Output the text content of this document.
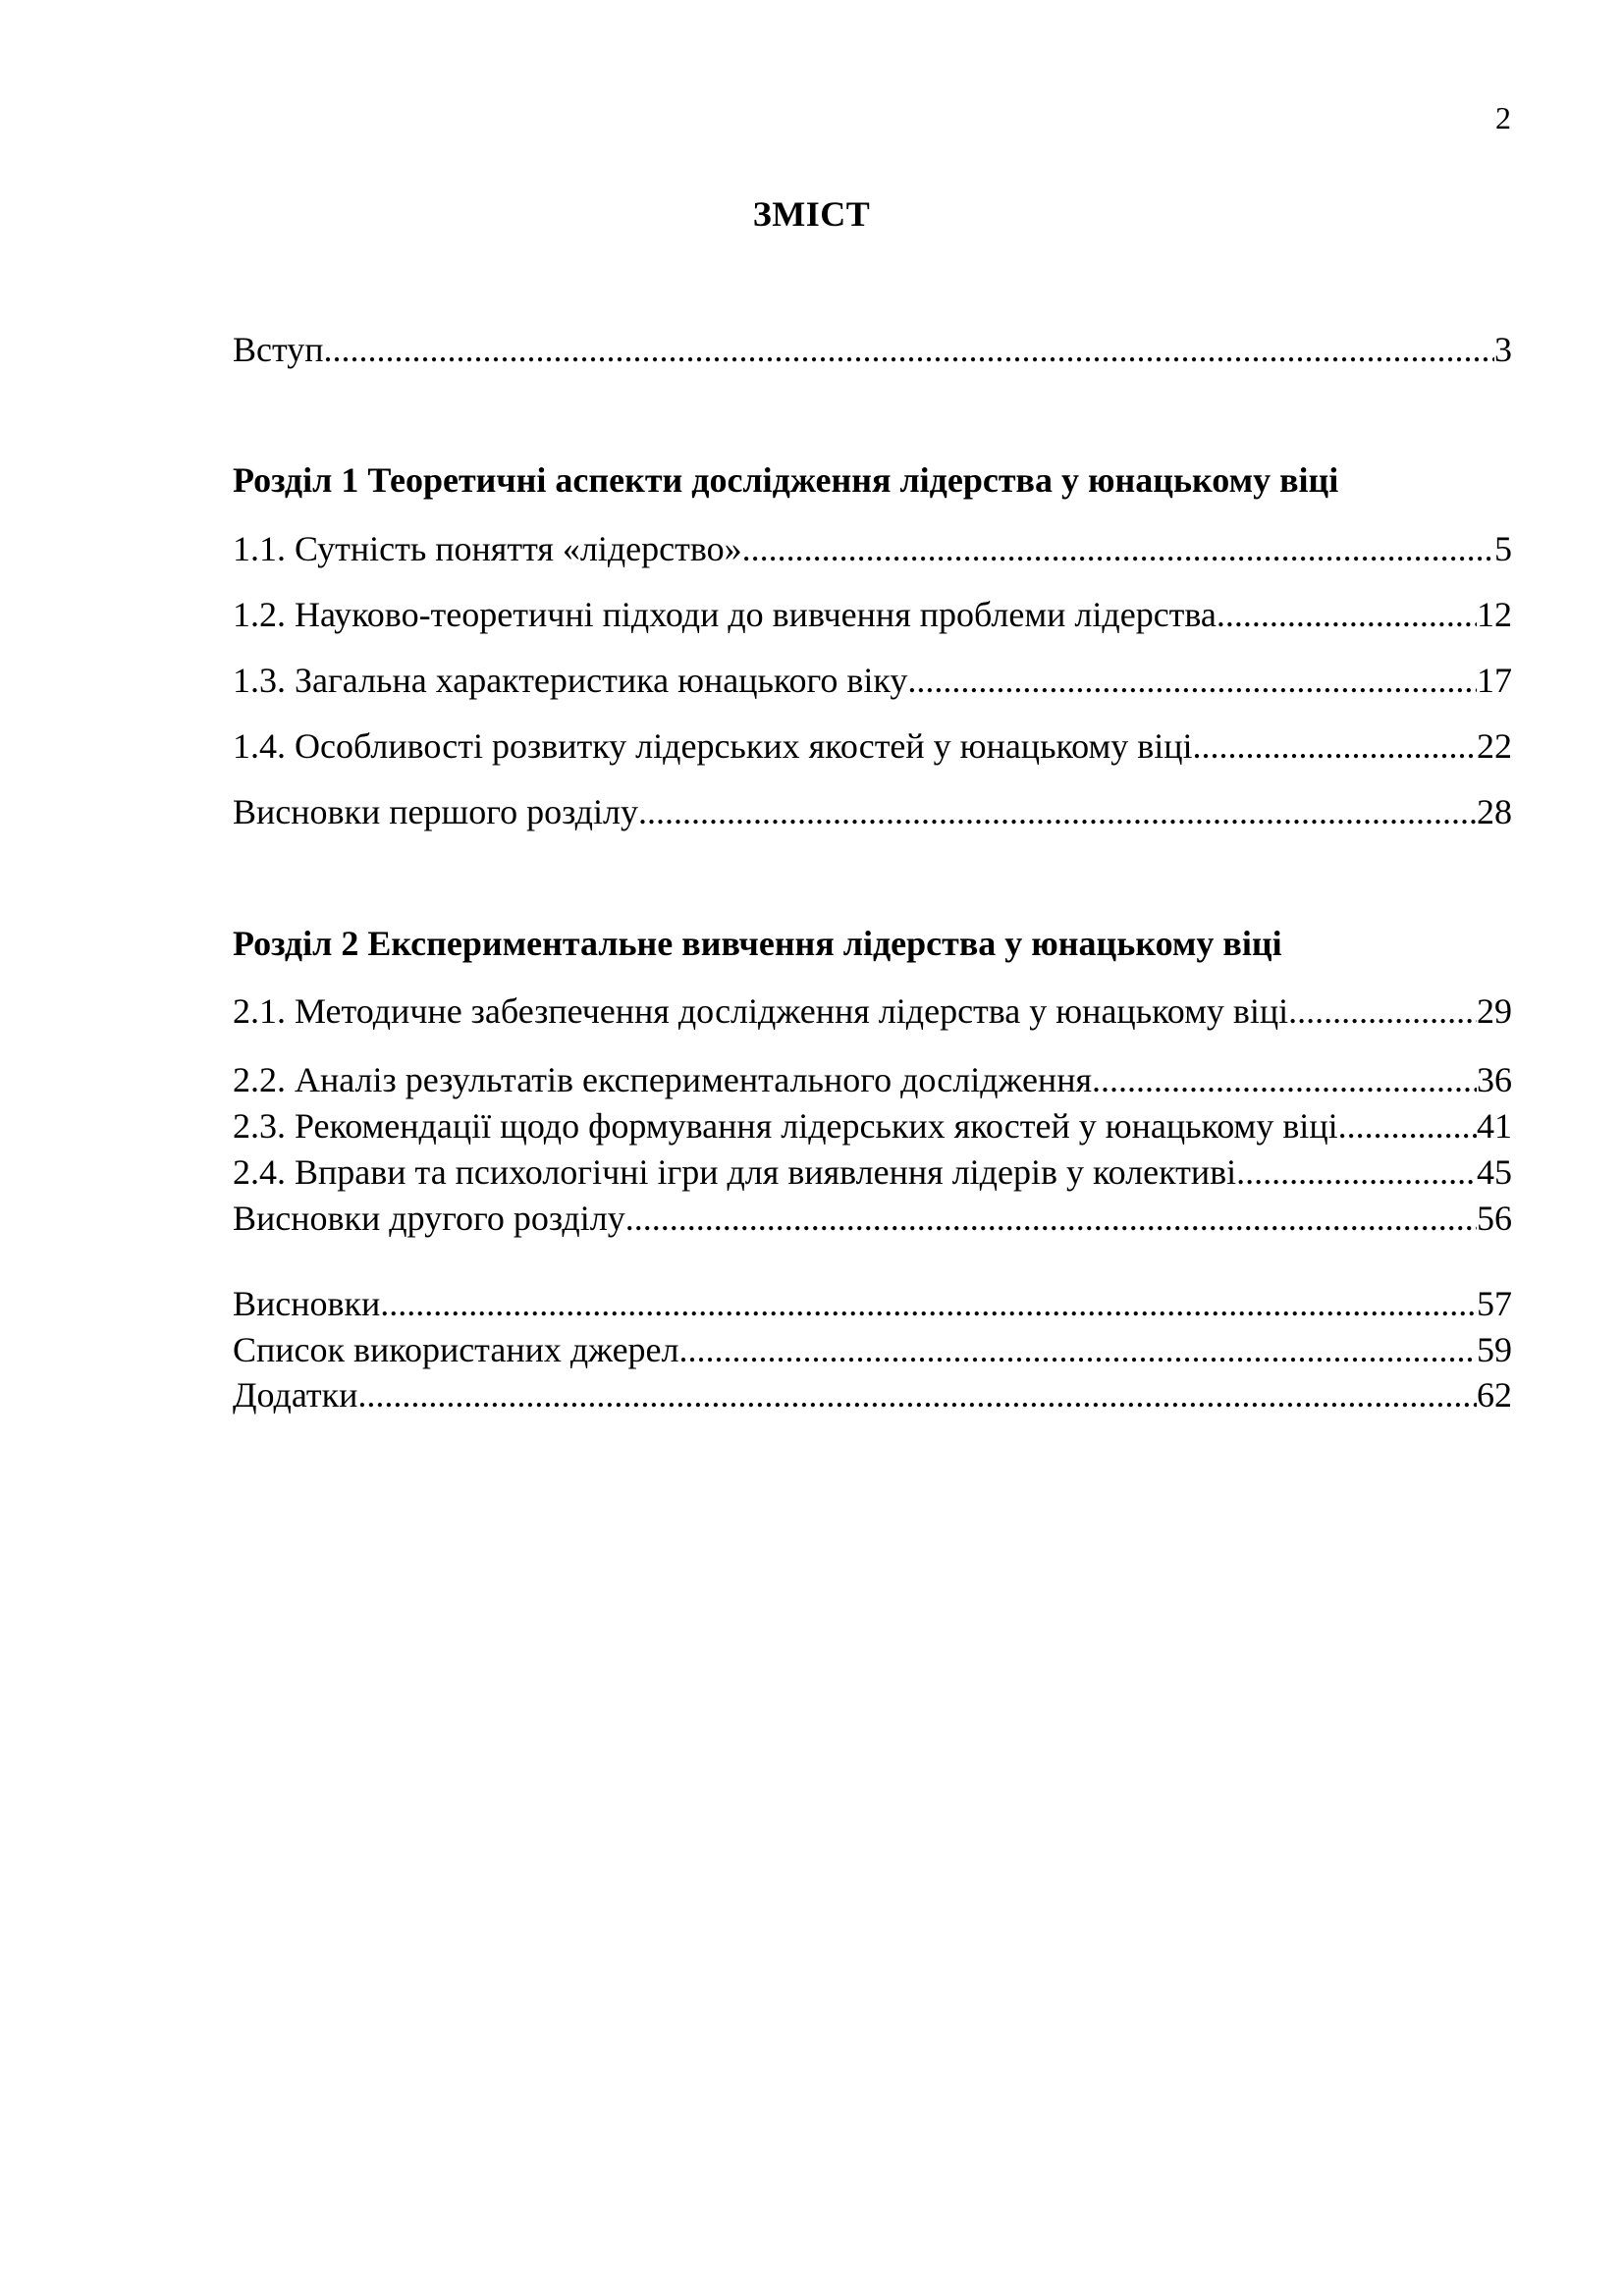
2
ЗМІСТ
Вступ .....	3
Розділ 1 Теоретичні аспекти дослідження лідерства у юнацькому віці
1.1. Сутність поняття «лідерство» .....	5
1.2. Науково-теоретичні підходи до вивчення проблеми лідерства .....	12
1.3. Загальна характеристика юнацького віку .....	17
1.4. Особливості розвитку лідерських якостей у юнацькому віці .....	22
Висновки першого розділу .....	28
Розділ 2 Експериментальне вивчення лідерства у юнацькому віці
2.1. Методичне забезпечення дослідження лідерства у юнацькому віці .....	29
2.2. Аналіз результатів експериментального дослідження .....	36
2.3. Рекомендації щодо формування лідерських якостей у юнацькому віці .....	41
2.4. Вправи та психологічні ігри для виявлення лідерів у колективі .....	45
Висновки другого розділу .....	56
Висновки .....	57
Список використаних джерел .....	59
Додатки .....	62
